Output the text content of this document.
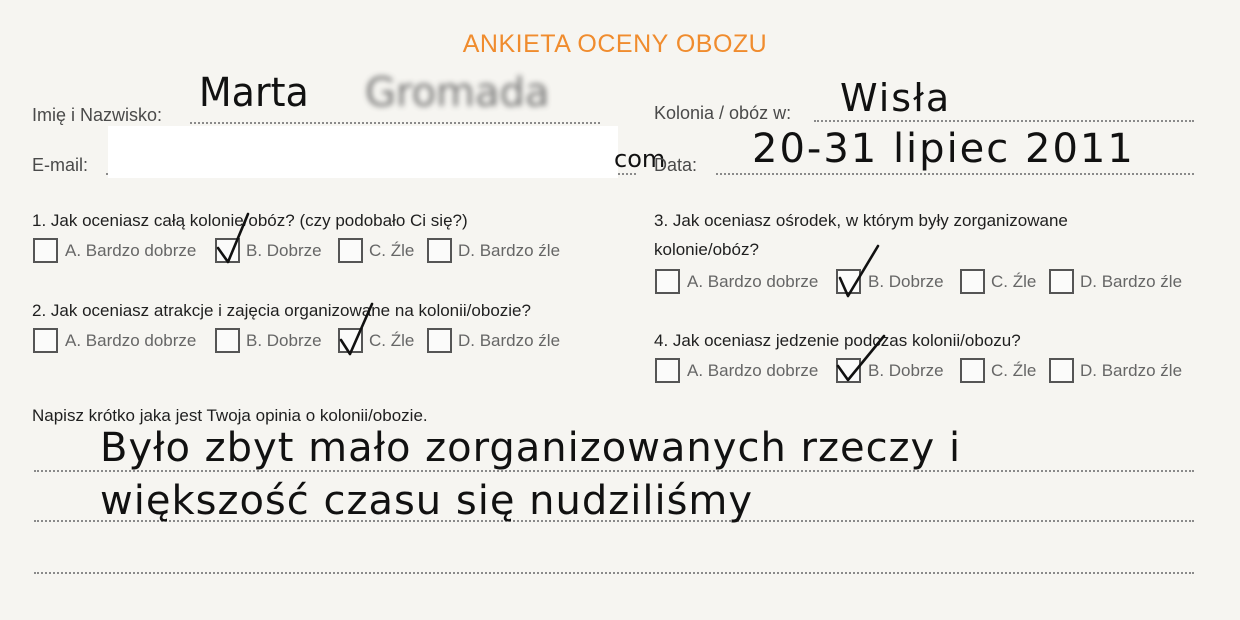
ANKIETA OCENY OBOZU
Imię i Nazwisko: Marta Gromada	Kolonia / obóz w: Wisła
E-mail:	com
Data: 20-31 lipiec 2011
1. Jak oceniasz całą kolonie/obóz? (czy podobało Ci się?)
A. Bardzo dobrze	B. Dobrze	C. Źle	D. Bardzo źle
2. Jak oceniasz atrakcje i zajęcia organizowane na kolonii/obozie?
A. Bardzo dobrze	B. Dobrze	C. Źle	D. Bardzo źle
3. Jak oceniasz ośrodek, w którym były zorganizowane
kolonie/obóz?
A. Bardzo dobrze	B. Dobrze	C. Źle	D. Bardzo źle
4. Jak oceniasz jedzenie podczas kolonii/obozu?
A. Bardzo dobrze	B. Dobrze	C. Źle	D. Bardzo źle
Napisz krótko jaka jest Twoja opinia o kolonii/obozie.
Było zbyt mało zorganizowanych rzeczy i
większość czasu się nudziliśmy
